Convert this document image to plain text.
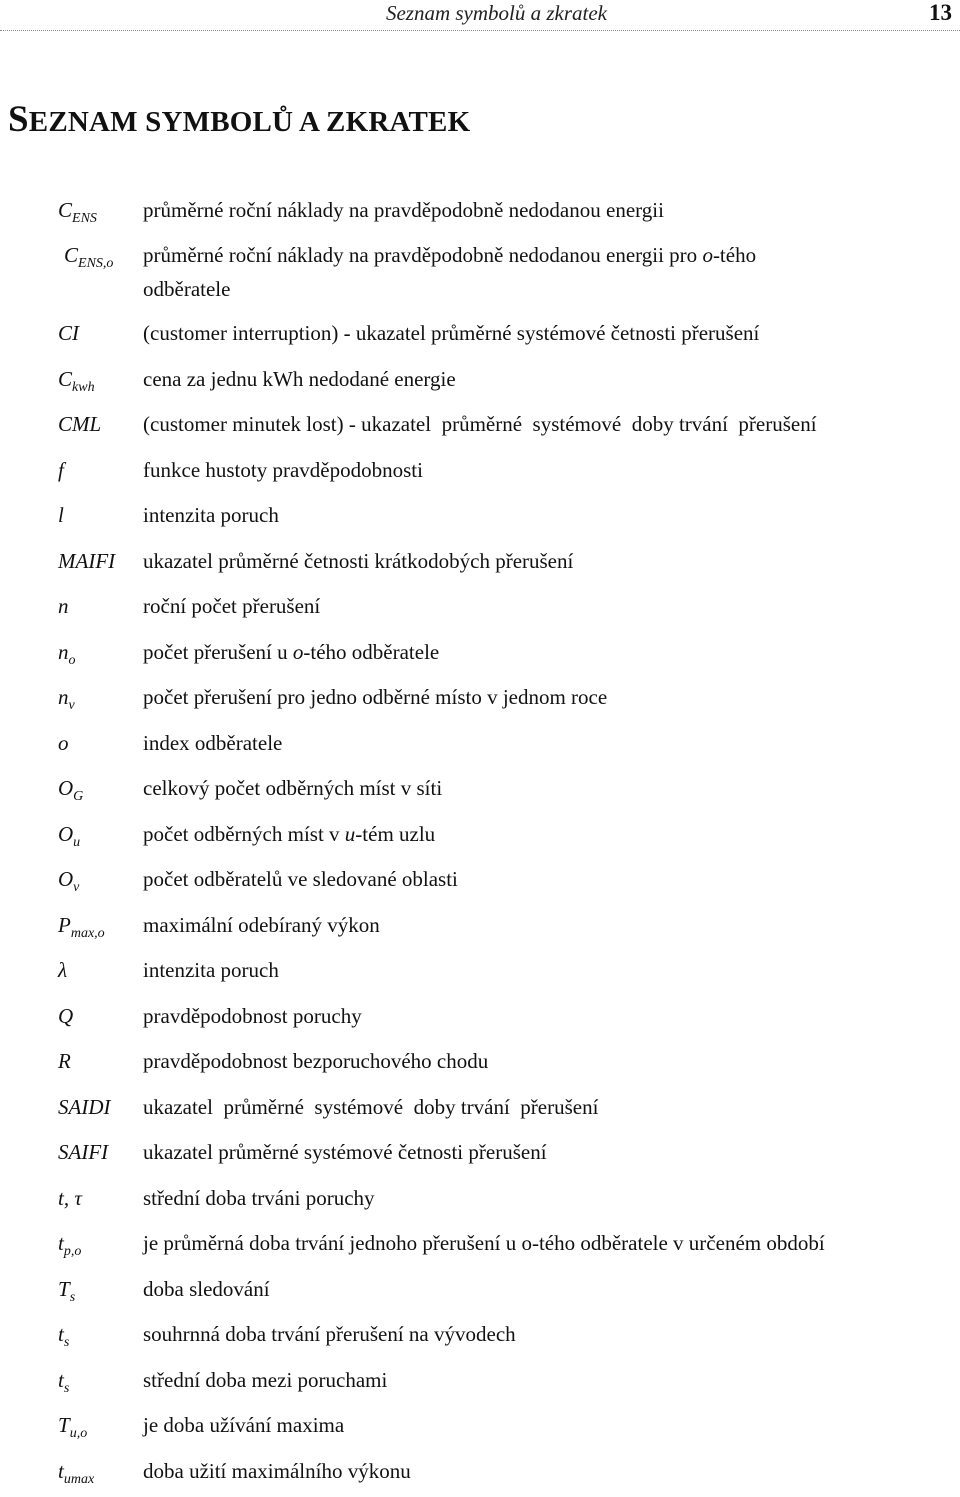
Seznam symbolů a zkratek	13
SEZNAM SYMBOLŮ A ZKRATEK
$C_{ENS}$ průměrné roční náklady na pravděpodobně nedodanou energii
$C_{ENS,o}$ průměrné roční náklady na pravděpodobně nedodanou energii pro o-tého
odběratele
CI	(customer interruption) - ukazatel průměrné systémové četnosti přerušení
$C_{kwh}$ cena za jednu kWh nedodané energie
CML (customer minutek lost) - ukazatel  průměrné  systémové  doby trvání  přerušení
f	funkce hustoty pravděpodobnosti
l	intenzita poruch
MAIFI ukazatel průměrné četnosti krátkodobých přerušení
n	roční počet přerušení
$n_o$	počet přerušení u o-tého odběratele
$n_v$	počet přerušení pro jedno odběrné místo v jednom roce
o	index odběratele
$O_G$	celkový počet odběrných míst v síti
$O_u$	počet odběrných míst v u-tém uzlu
$O_v$	počet odběratelů ve sledované oblasti
$P_{max,o}$ maximální odebíraný výkon
λ	intenzita poruch
Q	pravděpodobnost poruchy
R	pravděpodobnost bezporuchového chodu
SAIDI ukazatel  průměrné  systémové  doby trvání  přerušení
SAIFI ukazatel průměrné systémové četnosti přerušení
t, τ	střední doba trváni poruchy
$t_{p,o}$	je průměrná doba trvání jednoho přerušení u o-tého odběratele v určeném období
$T_s$	doba sledování
$t_s$	souhrnná doba trvání přerušení na vývodech
$t_s$	střední doba mezi poruchami
$T_{u,o}$	je doba užívání maxima
$t_{umax}$ doba užití maximálního výkonu
